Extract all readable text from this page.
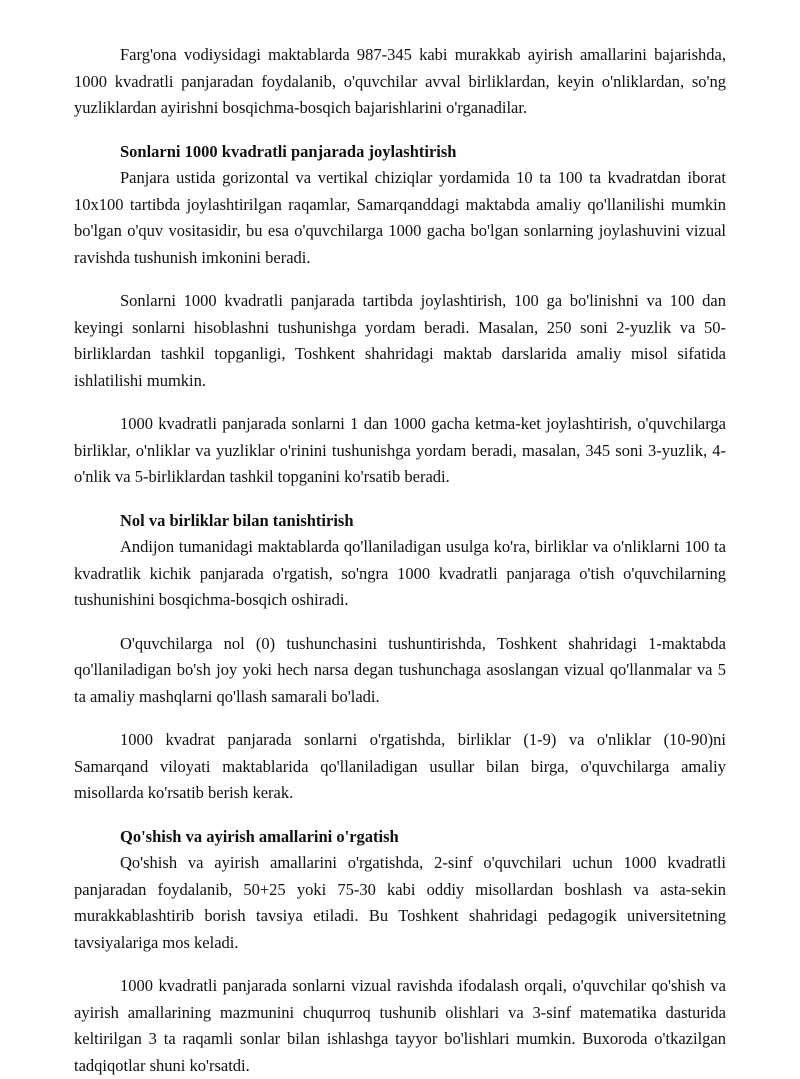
Farg'ona vodiysidagi maktablarda 987-345 kabi murakkab ayirish amallarini bajarishda, 1000 kvadratli panjaradan foydalanib, o'quvchilar avval birliklardan, keyin o'nliklardan, so'ng yuzliklardan ayirishni bosqichma-bosqich bajarishlarini o'rganadilar.

Sonlarni 1000 kvadratli panjarada joylashtirish

Panjara ustida gorizontal va vertikal chiziqlar yordamida 10 ta 100 ta kvadratdan iborat 10x100 tartibda joylashtirilgan raqamlar, Samarqanddagi maktabda amaliy qo'llanilishi mumkin bo'lgan o'quv vositasidir, bu esa o'quvchilarga 1000 gacha bo'lgan sonlarning joylashuvini vizual ravishda tushunish imkonini beradi.

Sonlarni 1000 kvadratli panjarada tartibda joylashtirish, 100 ga bo'linishni va 100 dan keyingi sonlarni hisoblashni tushunishga yordam beradi. Masalan, 250 soni 2-yuzlik va 50-birliklardan tashkil topganligi, Toshkent shahridagi maktab darslarida amaliy misol sifatida ishlatilishi mumkin.

1000 kvadratli panjarada sonlarni 1 dan 1000 gacha ketma-ket joylashtirish, o'quvchilarga birliklar, o'nliklar va yuzliklar o'rinini tushunishga yordam beradi, masalan, 345 soni 3-yuzlik, 4-o'nlik va 5-birliklardan tashkil topganini ko'rsatib beradi.

Nol va birliklar bilan tanishtirish

Andijon tumanidagi maktablarda qo'llaniladigan usulga ko'ra, birliklar va o'nliklarni 100 ta kvadratlik kichik panjarada o'rgatish, so'ngra 1000 kvadratli panjaraga o'tish o'quvchilarning tushunishini bosqichma-bosqich oshiradi.

O'quvchilarga nol (0) tushunchasini tushuntirishda, Toshkent shahridagi 1-maktabda qo'llaniladigan bo'sh joy yoki hech narsa degan tushunchaga asoslangan vizual qo'llanmalar va 5 ta amaliy mashqlarni qo'llash samarali bo'ladi.

1000 kvadrat panjarada sonlarni o'rgatishda, birliklar (1-9) va o'nliklar (10-90)ni Samarqand viloyati maktablarida qo'llaniladigan usullar bilan birga, o'quvchilarga amaliy misollarda ko'rsatib berish kerak.

Qo'shish va ayirish amallarini o'rgatish

Qo'shish va ayirish amallarini o'rgatishda, 2-sinf o'quvchilari uchun 1000 kvadratli panjaradan foydalanib, 50+25 yoki 75-30 kabi oddiy misollardan boshlash va asta-sekin murakkablashtirib borish tavsiya etiladi. Bu Toshkent shahridagi pedagogik universitetning tavsiyalariga mos keladi.

1000 kvadratli panjarada sonlarni vizual ravishda ifodalash orqali, o'quvchilar qo'shish va ayirish amallarining mazmunini chuqurroq tushunib olishlari va 3-sinf matematika dasturida keltirilgan 3 ta raqamli sonlar bilan ishlashga tayyor bo'lishlari mumkin. Buxoroda o'tkazilgan tadqiqotlar shuni ko'rsatdi.
